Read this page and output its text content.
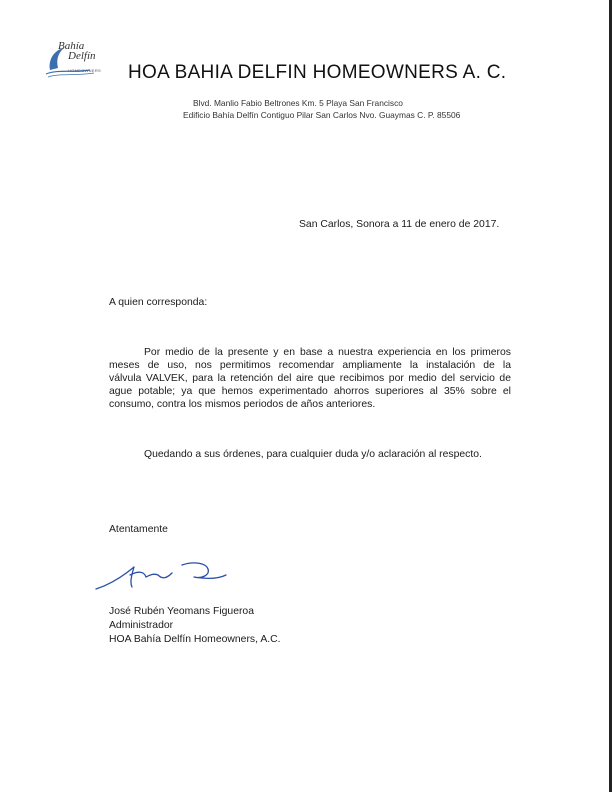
Bahía
Delfín
HOMEOWNERS HOA BAHIA DELFIN HOMEOWNERS A. C.
Blvd. Manlio Fabio Beltrones Km. 5 Playa San Francisco
Edificio Bahía Delfín Contiguo Pilar San Carlos Nvo. Guaymas C. P. 85506
San Carlos, Sonora a 11 de enero de 2017.
A quien corresponda:
Por medio de la presente y en base a nuestra experiencia en los primeros
meses de uso, nos permitimos recomendar ampliamente la instalación de la
válvula VALVEK, para la retención del aire que recibimos por medio del servicio de
ague potable; ya que hemos experimentado ahorros superiores al 35% sobre el
consumo, contra los mismos periodos de años anteriores.
Quedando a sus órdenes, para cualquier duda y/o aclaración al respecto.
Atentamente
José Rubén Yeomans Figueroa
Administrador
HOA Bahía Delfín Homeowners, A.C.
